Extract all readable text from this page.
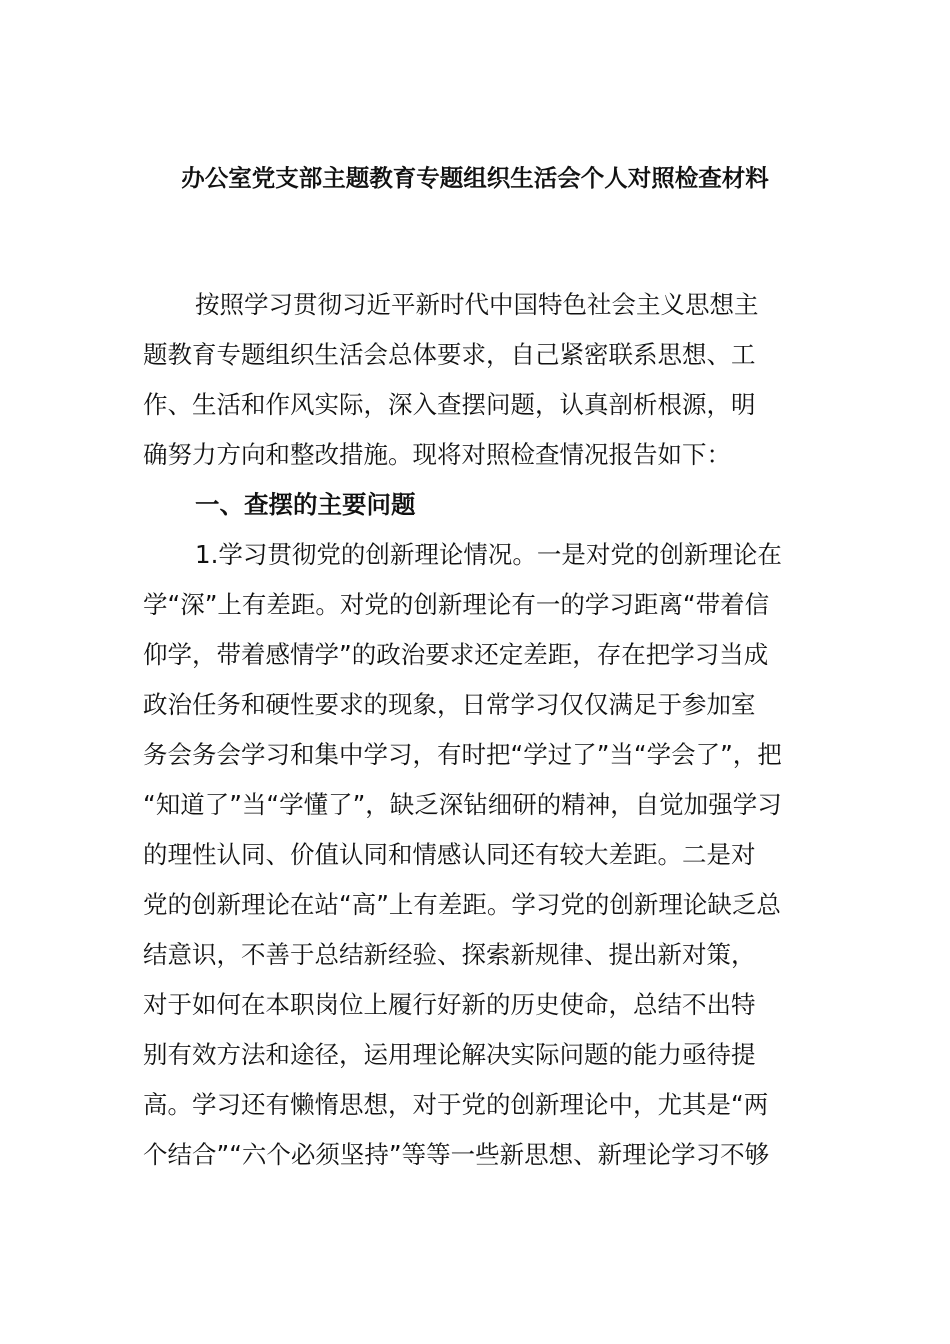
办公室党支部主题教育专题组织生活会个人对照检查材料
按照学习贯彻习近平新时代中国特色社会主义思想主
题教育专题组织生活会总体要求，自己紧密联系思想、工
作、生活和作风实际，深入查摆问题，认真剖析根源，明
确努力方向和整改措施。现将对照检查情况报告如下：
一、查摆的主要问题
1.学习贯彻党的创新理论情况。一是对党的创新理论在
学“深”上有差距。对党的创新理论有一的学习距离“带着信
仰学，带着感情学”的政治要求还定差距，存在把学习当成
政治任务和硬性要求的现象，日常学习仅仅满足于参加室
务会务会学习和集中学习，有时把“学过了”当“学会了”，把
“知道了”当“学懂了”，缺乏深钻细研的精神，自觉加强学习
的理性认同、价值认同和情感认同还有较大差距。二是对
党的创新理论在站“高”上有差距。学习党的创新理论缺乏总
结意识，不善于总结新经验、探索新规律、提出新对策，
对于如何在本职岗位上履行好新的历史使命，总结不出特
别有效方法和途径，运用理论解决实际问题的能力亟待提
高。学习还有懒惰思想，对于党的创新理论中，尤其是“两
个结合”“六个必须坚持”等等一些新思想、新理论学习不够
